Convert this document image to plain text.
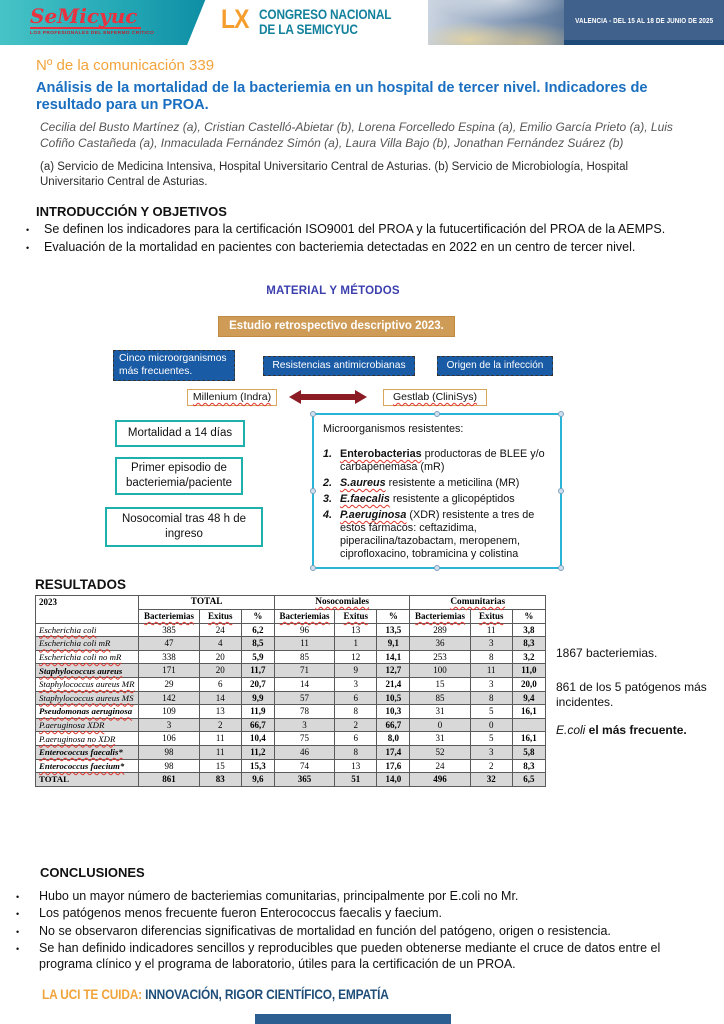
SeMicyuc
LOS PROFESIONALES DEL ENFERMO CRÍTICO LX CONGRESO NACIONAL
DE LA SEMICYUC
VALENCIA - DEL 15 AL 18 DE JUNIO DE 2025
Nº de la comunicación 339
Análisis de la mortalidad de la bacteriemia en un hospital de tercer nivel. Indicadores de resultado para un PROA.
Cecilia del Busto Martínez (a), Cristian Castelló-Abietar (b), Lorena Forcelledo Espina (a), Emilio García Prieto (a), Luis Cofiño Castañeda (a), Inmaculada Fernández Simón (a), Laura Villa Bajo (b), Jonathan Fernández Suárez (b)
(a) Servicio de Medicina Intensiva, Hospital Universitario Central de Asturias. (b) Servicio de Microbiología, Hospital Universitario Central de Asturias.
INTRODUCCIÓN Y OBJETIVOS
• Se definen los indicadores para la certificación ISO9001 del PROA y la futucertificación del PROA de la AEMPS.
• Evaluación de la mortalidad en pacientes con bacteriemia detectadas en 2022 en un centro de tercer nivel.
MATERIAL Y MÉTODOS
Estudio retrospectivo descriptivo 2023.
Cinco microorganismos más frecuentes.
Resistencias antimicrobianas	Origen de la infección
Millenium (Indra)	Gestlab (CliniSys)
Mortalidad a 14 días
Primer episodio de bacteriemia/paciente
Nosocomial tras 48 h de ingreso
Microorganismos resistentes:
1. Enterobacterias productoras de BLEE y/o carbapenemasa (mR)
2. S.aureus resistente a meticilina (MR)
3. E.faecalis resistente a glicopéptidos
4. P.aeruginosa (XDR) resistente a tres de estos fármacos: ceftazidima, piperacilina/tazobactam, meropenem, ciprofloxacino, tobramicina y colistina
RESULTADOS
2023	TOTAL			Nosocomiales			Comunitarias		
	Bacteriemias	Exitus	%	Bacteriemias	Exitus	%	Bacteriemias	Exitus	%
Escherichia coli	385	24	6,2	96	13	13,5	289	11	3,8
Escherichia coli mR	47	4	8,5	11	1	9,1	36	3	8,3
Escherichia coli no mR	338	20	5,9	85	12	14,1	253	8	3,2
Staphylococcus aureus	171	20	11,7	71	9	12,7	100	11	11,0
Staphylococcus aureus MR	29	6	20,7	14	3	21,4	15	3	20,0
Staphylococcus aureus MS	142	14	9,9	57	6	10,5	85	8	9,4
Pseudomonas aeruginosa	109	13	11,9	78	8	10,3	31	5	16,1
P.aeruginosa XDR	3	2	66,7	3	2	66,7	0	0	
P.aeruginosa no XDR	106	11	10,4	75	6	8,0	31	5	16,1
Enterococcus faecalis*	98	11	11,2	46	8	17,4	52	3	5,8
Enterococcus faecium*	98	15	15,3	74	13	17,6	24	2	8,3
TOTAL	861	83	9,6	365	51	14,0	496	32	6,5
1867 bacteriemias.
861 de los 5 patógenos más incidentes.
E.coli el más frecuente.
CONCLUSIONES
• Hubo un mayor número de bacteriemias comunitarias, principalmente por E.coli no Mr.
• Los patógenos menos frecuente fueron Enterococcus faecalis y faecium.
• No se observaron diferencias significativas de mortalidad en función del patógeno, origen o resistencia.
• Se han definido indicadores sencillos y reproducibles que pueden obtenerse mediante el cruce de datos entre el programa clínico y el programa de laboratorio, útiles para la certificación de un PROA.
LA UCI TE CUIDA: INNOVACIÓN, RIGOR CIENTÍFICO, EMPATÍA
